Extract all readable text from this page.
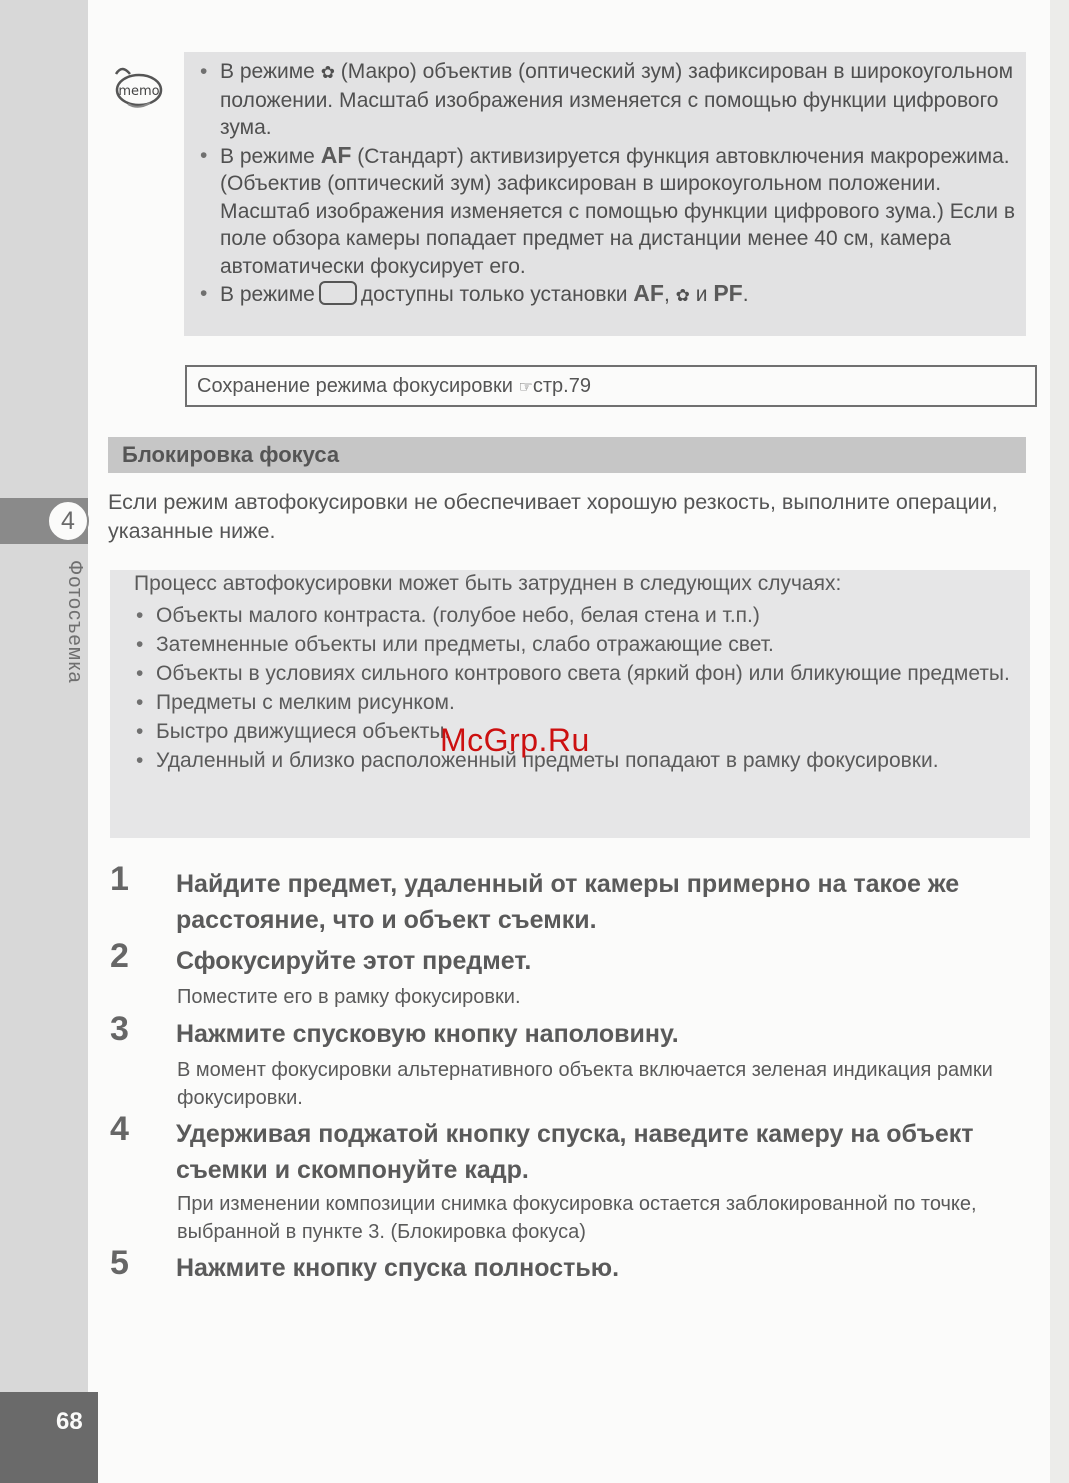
4
Фотосъемка
68
memo
• В режиме ✿ (Макро) объектив (оптический зум) зафиксирован в широкоугольном положении. Масштаб изображения изменяется с помощью функции цифрового зума.
• В режиме AF (Стандарт) активизируется функция автовключения макрорежима. (Объектив (оптический зум) зафиксирован в широкоугольном положении. Масштаб изображения изменяется с помощью функции цифрового зума.) Если в поле обзора камеры попадает предмет на дистанции менее 40 см, камера автоматически фокусирует его.
• В режиме доступны только установки AF, ✿ и PF.
Сохранение режима фокусировки ☞стр.79
Блокировка фокуса
Если режим автофокусировки не обеспечивает хорошую резкость, выполните операции, указанные ниже.
Процесс автофокусировки может быть затруднен в следующих случаях:
• Объекты малого контраста. (голубое небо, белая стена и т.п.)
• Затемненные объекты или предметы, слабо отражающие свет.
• Объекты в условиях сильного контрового света (яркий фон) или бликующие предметы.
• Предметы с мелким рисунком.
• Быстро движущиеся объекты.
• Удаленный и близко расположенный предметы попадают в рамку фокусировки.
McGrp.Ru
1 Найдите предмет, удаленный от камеры примерно на такое же расстояние, что и объект съемки.
2 Сфокусируйте этот предмет.
Поместите его в рамку фокусировки.
3 Нажмите спусковую кнопку наполовину.
В момент фокусировки альтернативного объекта включается зеленая индикация рамки фокусировки.
4 Удерживая поджатой кнопку спуска, наведите камеру на объект съемки и скомпонуйте кадр.
При изменении композиции снимка фокусировка остается заблокированной по точке, выбранной в пункте 3. (Блокировка фокуса)
5 Нажмите кнопку спуска полностью.
